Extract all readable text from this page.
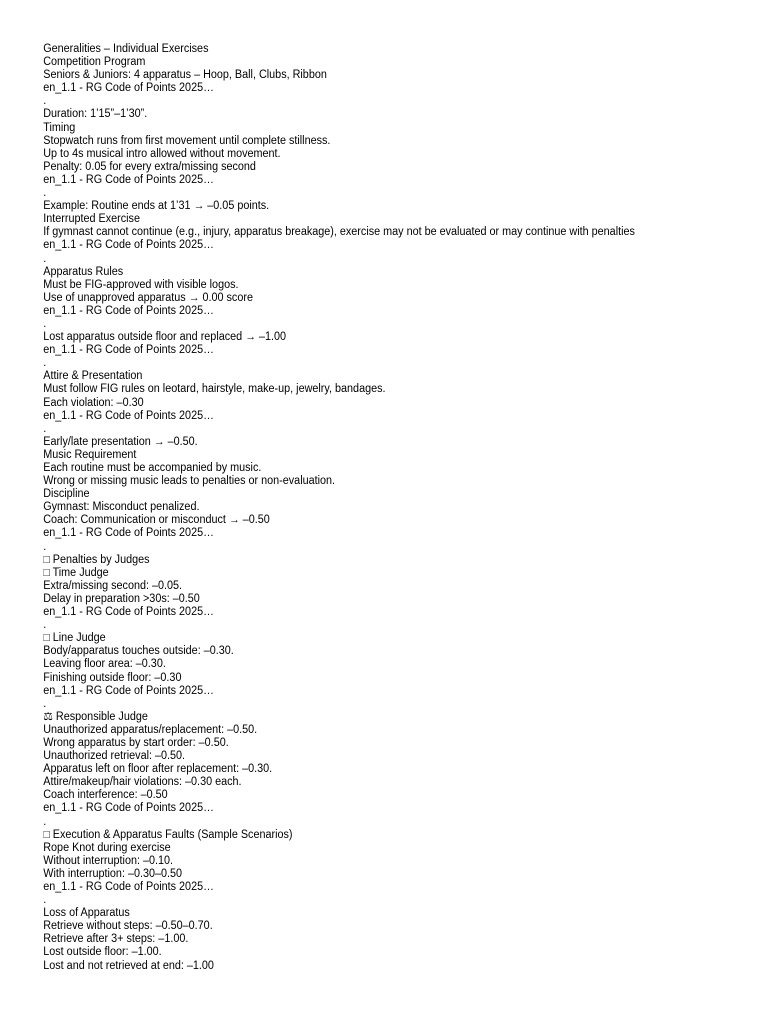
Generalities – Individual Exercises
Competition Program
Seniors & Juniors: 4 apparatus – Hoop, Ball, Clubs, Ribbon
en_1.1 - RG Code of Points 2025…
.
Duration: 1’15”–1’30”.
Timing
Stopwatch runs from first movement until complete stillness.
Up to 4s musical intro allowed without movement.
Penalty: 0.05 for every extra/missing second
en_1.1 - RG Code of Points 2025…
.
Example: Routine ends at 1’31 → –0.05 points.
Interrupted Exercise
If gymnast cannot continue (e.g., injury, apparatus breakage), exercise may not be evaluated or may continue with penalties
en_1.1 - RG Code of Points 2025…
.
Apparatus Rules
Must be FIG-approved with visible logos.
Use of unapproved apparatus → 0.00 score
en_1.1 - RG Code of Points 2025…
.
Lost apparatus outside floor and replaced → –1.00
en_1.1 - RG Code of Points 2025…
.
Attire & Presentation
Must follow FIG rules on leotard, hairstyle, make-up, jewelry, bandages.
Each violation: –0.30
en_1.1 - RG Code of Points 2025…
.
Early/late presentation → –0.50.
Music Requirement
Each routine must be accompanied by music.
Wrong or missing music leads to penalties or non-evaluation.
Discipline
Gymnast: Misconduct penalized.
Coach: Communication or misconduct → –0.50
en_1.1 - RG Code of Points 2025…
.
□ Penalties by Judges
□ Time Judge
Extra/missing second: –0.05.
Delay in preparation >30s: –0.50
en_1.1 - RG Code of Points 2025…
.
□ Line Judge
Body/apparatus touches outside: –0.30.
Leaving floor area: –0.30.
Finishing outside floor: –0.30
en_1.1 - RG Code of Points 2025…
.
⚖ Responsible Judge
Unauthorized apparatus/replacement: –0.50.
Wrong apparatus by start order: –0.50.
Unauthorized retrieval: –0.50.
Apparatus left on floor after replacement: –0.30.
Attire/makeup/hair violations: –0.30 each.
Coach interference: –0.50
en_1.1 - RG Code of Points 2025…
.
□ Execution & Apparatus Faults (Sample Scenarios)
Rope Knot during exercise
Without interruption: –0.10.
With interruption: –0.30–0.50
en_1.1 - RG Code of Points 2025…
.
Loss of Apparatus
Retrieve without steps: –0.50–0.70.
Retrieve after 3+ steps: –1.00.
Lost outside floor: –1.00.
Lost and not retrieved at end: –1.00
